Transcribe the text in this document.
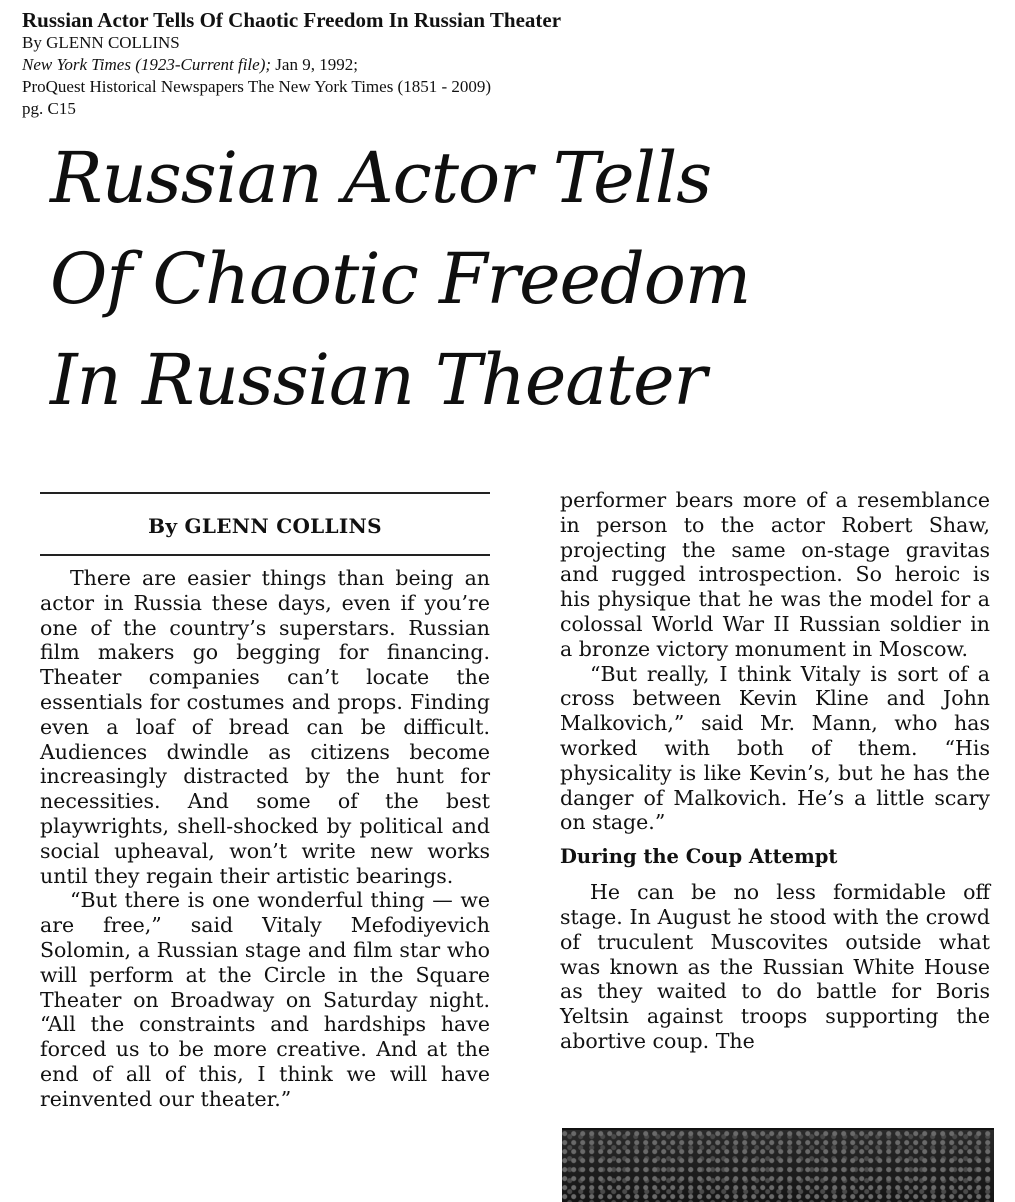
Russian Actor Tells Of Chaotic Freedom In Russian Theater
By GLENN COLLINS
New York Times (1923-Current file); Jan 9, 1992;
ProQuest Historical Newspapers The New York Times (1851 - 2009)
pg. C15
Russian Actor Tells
Of Chaotic Freedom
In Russian Theater
By GLENN COLLINS

There are easier things than being an actor in Russia these days, even if you’re one of the country’s superstars. Russian film makers go begging for financing. Theater companies can’t locate the essentials for costumes and props. Finding even a loaf of bread can be difficult. Audiences dwindle as citizens become increasingly distracted by the hunt for necessities. And some of the best playwrights, shell-shocked by political and social upheaval, won’t write new works until they regain their artistic bearings.

“But there is one wonderful thing — we are free,” said Vitaly Mefodiyevich Solomin, a Russian stage and film star who will perform at the Circle in the Square Theater on Broadway on Saturday night. “All the constraints and hardships have forced us to be more creative. And at the end of all of this, I think we will have reinvented our theater.”

performer bears more of a resemblance in person to the actor Robert Shaw, projecting the same on-stage gravitas and rugged introspection. So heroic is his physique that he was the model for a colossal World War II Russian soldier in a bronze victory monument in Moscow.

“But really, I think Vitaly is sort of a cross between Kevin Kline and John Malkovich,” said Mr. Mann, who has worked with both of them. “His physicality is like Kevin’s, but he has the danger of Malkovich. He’s a little scary on stage.”

During the Coup Attempt

He can be no less formidable off stage. In August he stood with the crowd of truculent Muscovites outside what was known as the Russian White House as they waited to do battle for Boris Yeltsin against troops supporting the abortive coup. The
